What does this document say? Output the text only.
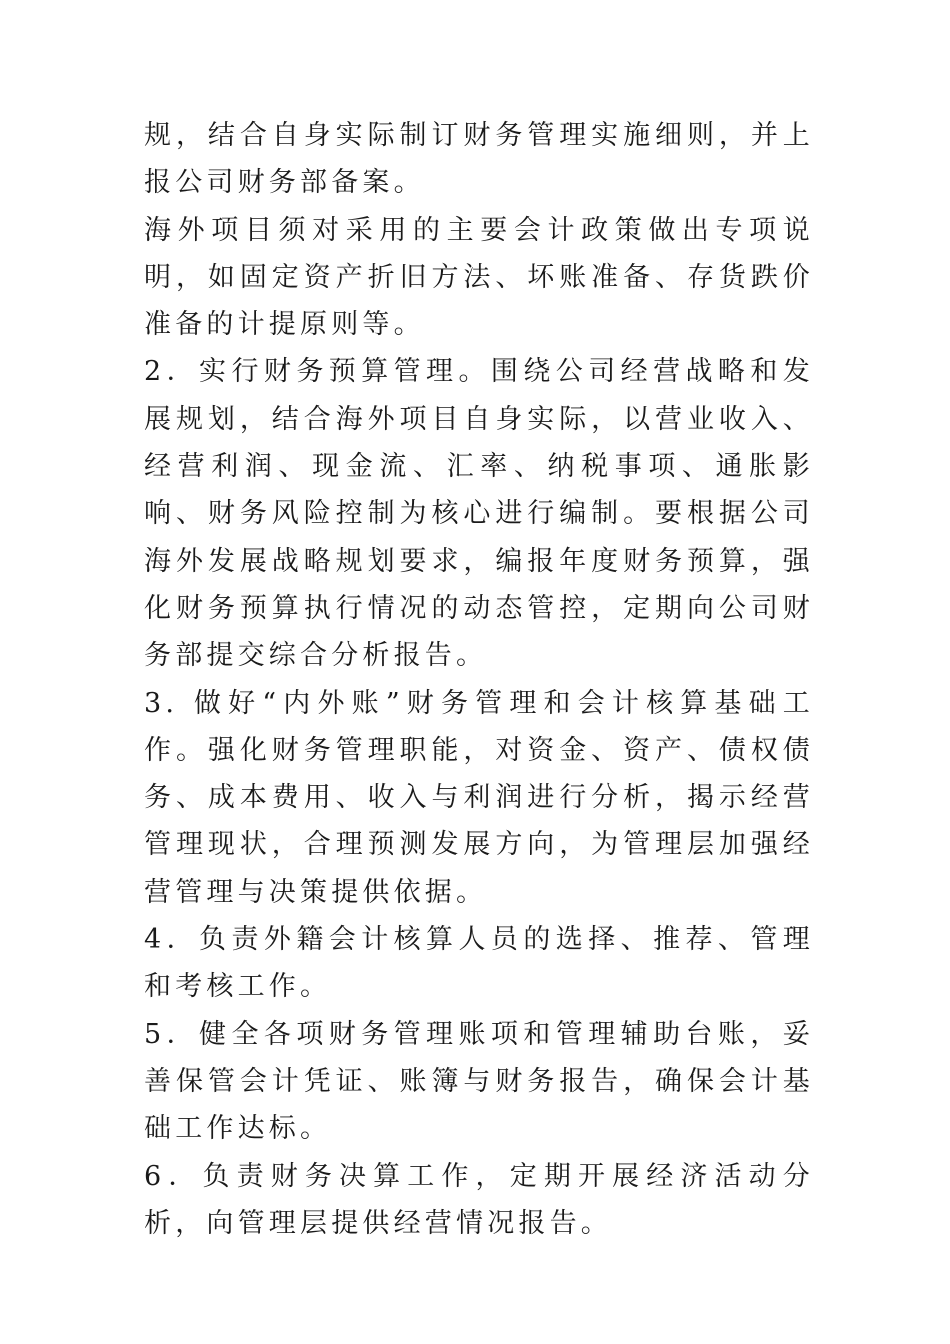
规，结合自身实际制订财务管理实施细则，并上报公司财务部备案。

海外项目须对采用的主要会计政策做出专项说明，如固定资产折旧方法、坏账准备、存货跌价准备的计提原则等。

2．实行财务预算管理。围绕公司经营战略和发展规划，结合海外项目自身实际，以营业收入、经营利润、现金流、汇率、纳税事项、通胀影响、财务风险控制为核心进行编制。要根据公司海外发展战略规划要求，编报年度财务预算，强化财务预算执行情况的动态管控，定期向公司财务部提交综合分析报告。

3. 做好“内外账”财务管理和会计核算基础工作。强化财务管理职能，对资金、资产、债权债务、成本费用、收入与利润进行分析，揭示经营管理现状，合理预测发展方向，为管理层加强经营管理与决策提供依据。

4．负责外籍会计核算人员的选择、推荐、管理和考核工作。

5．健全各项财务管理账项和管理辅助台账，妥善保管会计凭证、账簿与财务报告，确保会计基础工作达标。

6．负责财务决算工作，定期开展经济活动分析，向管理层提供经营情况报告。
